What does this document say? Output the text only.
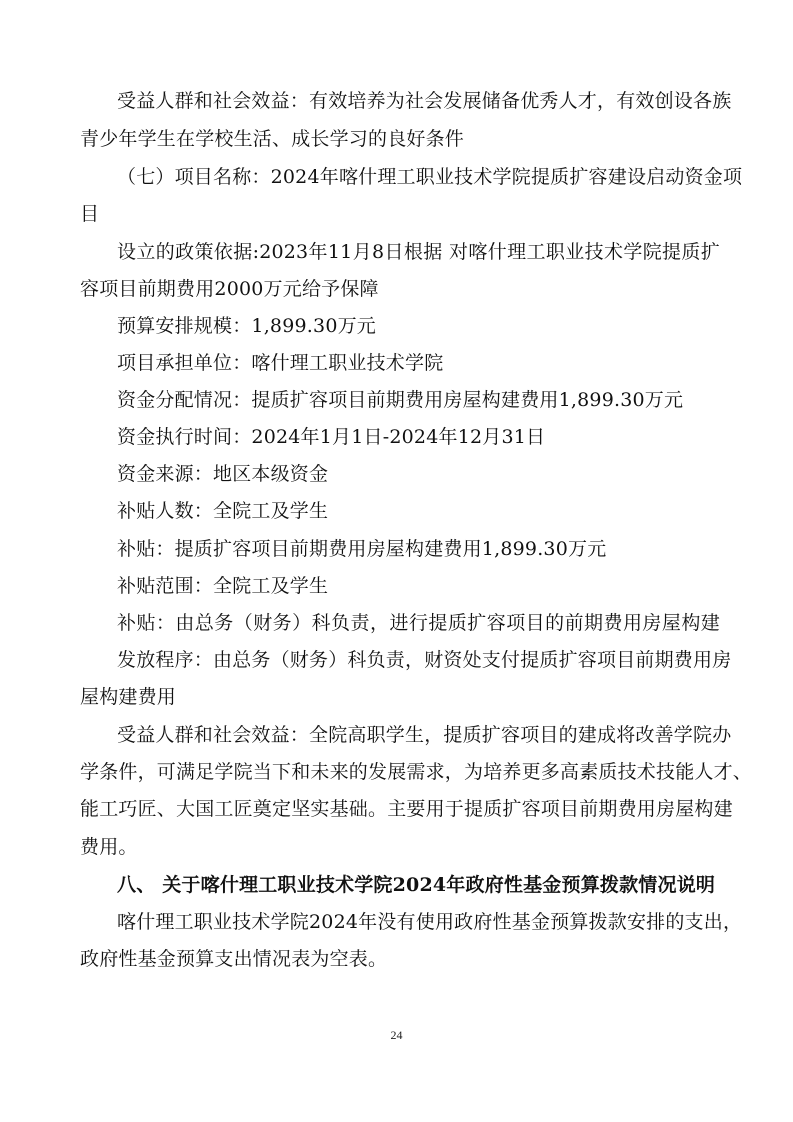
受益人群和社会效益：有效培养为社会发展储备优秀人才，有效创设各族
青少年学生在学校生活、成长学习的良好条件
（七）项目名称：2024年喀什理工职业技术学院提质扩容建设启动资金项
目
设立的政策依据:2023年11月8日根据 对喀什理工职业技术学院提质扩
容项目前期费用2000万元给予保障
预算安排规模：1,899.30万元
项目承担单位：喀什理工职业技术学院
资金分配情况：提质扩容项目前期费用房屋构建费用1,899.30万元
资金执行时间：2024年1月1日-2024年12月31日
资金来源：地区本级资金
补贴人数：全院工及学生
补贴：提质扩容项目前期费用房屋构建费用1,899.30万元
补贴范围：全院工及学生
补贴：由总务（财务）科负责，进行提质扩容项目的前期费用房屋构建
发放程序：由总务（财务）科负责，财资处支付提质扩容项目前期费用房
屋构建费用
受益人群和社会效益：全院高职学生，提质扩容项目的建成将改善学院办
学条件，可满足学院当下和未来的发展需求，为培养更多高素质技术技能人才、
能工巧匠、大国工匠奠定坚实基础。主要用于提质扩容项目前期费用房屋构建
费用。
八、 关于喀什理工职业技术学院2024年政府性基金预算拨款情况说明
喀什理工职业技术学院2024年没有使用政府性基金预算拨款安排的支出，
政府性基金预算支出情况表为空表。
24
